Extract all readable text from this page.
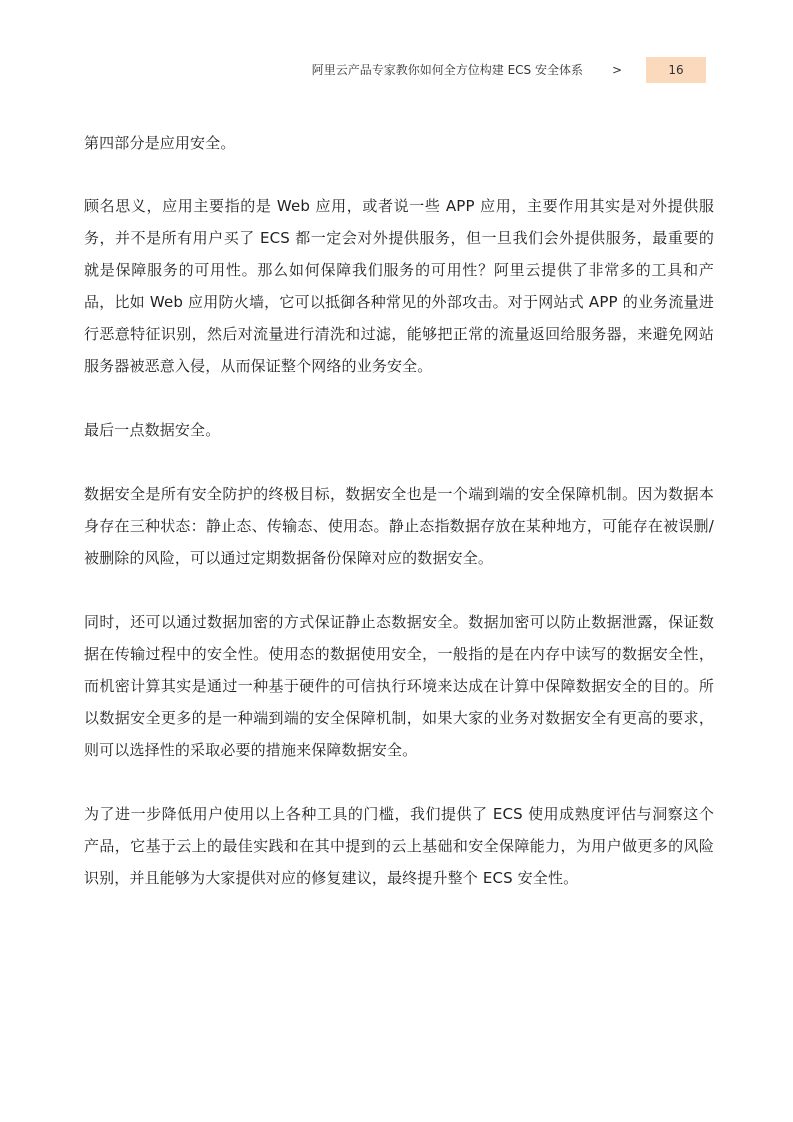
阿里云产品专家教你如何全方位构建 ECS 安全体系 >	16

第四部分是应用安全。

顾名思义，应用主要指的是 Web 应用，或者说一些 APP 应用，主要作用其实是对外提供服务，并不是所有用户买了 ECS 都一定会对外提供服务，但一旦我们会外提供服务，最重要的就是保障服务的可用性。那么如何保障我们服务的可用性？阿里云提供了非常多的工具和产品，比如 Web 应用防火墙，它可以抵御各种常见的外部攻击。对于网站式 APP 的业务流量进行恶意特征识别，然后对流量进行清洗和过滤，能够把正常的流量返回给服务器，来避免网站服务器被恶意入侵，从而保证整个网络的业务安全。

最后一点数据安全。

数据安全是所有安全防护的终极目标，数据安全也是一个端到端的安全保障机制。因为数据本身存在三种状态：静止态、传输态、使用态。静止态指数据存放在某种地方，可能存在被误删/被删除的风险，可以通过定期数据备份保障对应的数据安全。

同时，还可以通过数据加密的方式保证静止态数据安全。数据加密可以防止数据泄露，保证数据在传输过程中的安全性。使用态的数据使用安全，一般指的是在内存中读写的数据安全性，而机密计算其实是通过一种基于硬件的可信执行环境来达成在计算中保障数据安全的目的。所以数据安全更多的是一种端到端的安全保障机制，如果大家的业务对数据安全有更高的要求，则可以选择性的采取必要的措施来保障数据安全。

为了进一步降低用户使用以上各种工具的门槛，我们提供了 ECS 使用成熟度评估与洞察这个产品，它基于云上的最佳实践和在其中提到的云上基础和安全保障能力，为用户做更多的风险识别，并且能够为大家提供对应的修复建议，最终提升整个 ECS 安全性。
